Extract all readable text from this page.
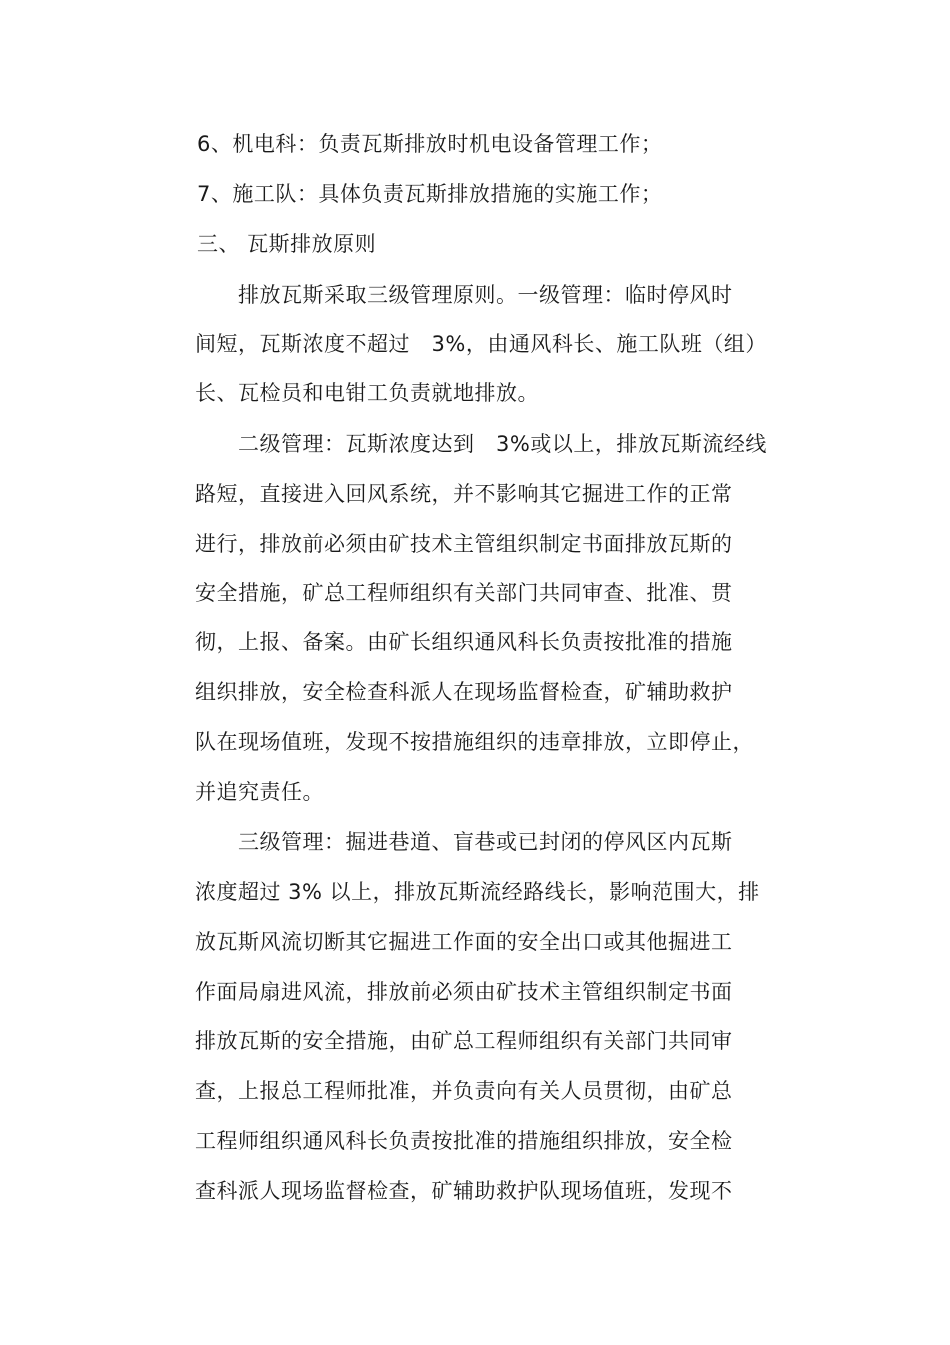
6、机电科：负责瓦斯排放时机电设备管理工作；
7、施工队：具体负责瓦斯排放措施的实施工作；
三、 瓦斯排放原则
排放瓦斯采取三级管理原则。一级管理：临时停风时
间短，瓦斯浓度不超过   3%，由通风科长、施工队班（组）
长、瓦检员和电钳工负责就地排放。
二级管理：瓦斯浓度达到   3%或以上，排放瓦斯流经线
路短，直接进入回风系统，并不影响其它掘进工作的正常
进行，排放前必须由矿技术主管组织制定书面排放瓦斯的
安全措施，矿总工程师组织有关部门共同审查、批准、贯
彻，上报、备案。由矿长组织通风科长负责按批准的措施
组织排放，安全检查科派人在现场监督检查，矿辅助救护
队在现场值班，发现不按措施组织的违章排放，立即停止，
并追究责任。
三级管理：掘进巷道、盲巷或已封闭的停风区内瓦斯
浓度超过 3% 以上，排放瓦斯流经路线长，影响范围大，排
放瓦斯风流切断其它掘进工作面的安全出口或其他掘进工
作面局扇进风流，排放前必须由矿技术主管组织制定书面
排放瓦斯的安全措施，由矿总工程师组织有关部门共同审
查，上报总工程师批准，并负责向有关人员贯彻，由矿总
工程师组织通风科长负责按批准的措施组织排放，安全检
查科派人现场监督检查，矿辅助救护队现场值班，发现不
